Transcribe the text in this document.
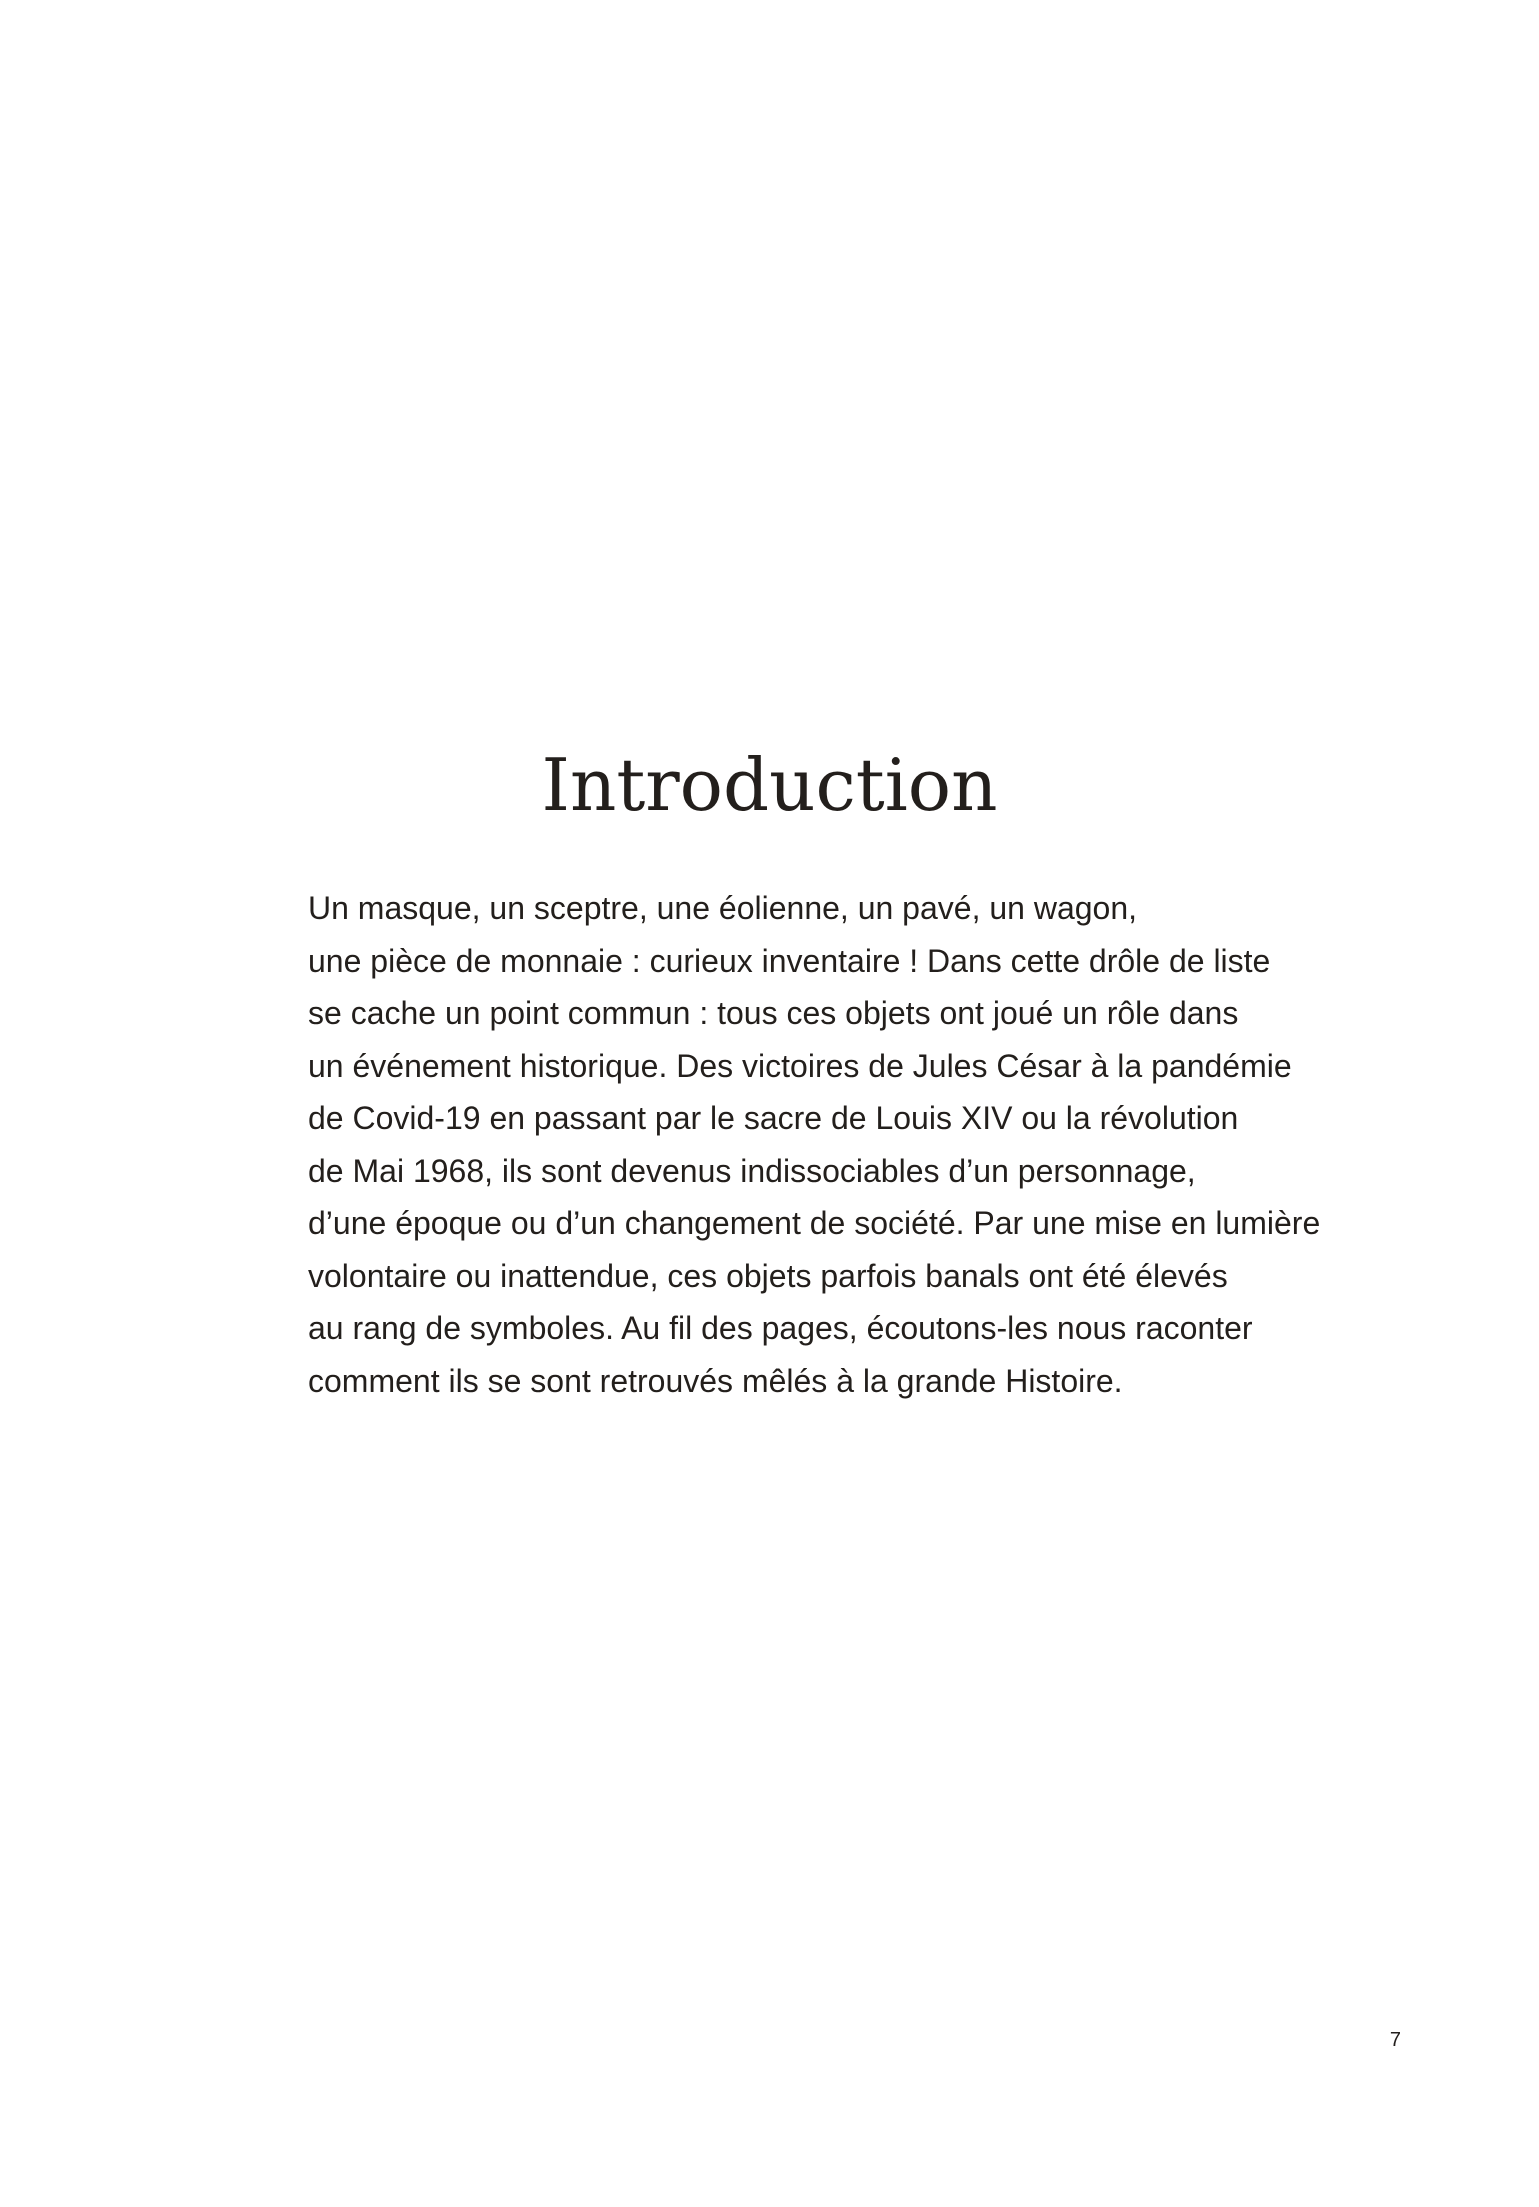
Introduction

Un masque, un sceptre, une éolienne, un pavé, un wagon,
une pièce de monnaie : curieux inventaire ! Dans cette drôle de liste
se cache un point commun : tous ces objets ont joué un rôle dans
un événement historique. Des victoires de Jules César à la pandémie
de Covid-19 en passant par le sacre de Louis XIV ou la révolution
de Mai 1968, ils sont devenus indissociables d’un personnage,
d’une époque ou d’un changement de société. Par une mise en lumière
volontaire ou inattendue, ces objets parfois banals ont été élevés
au rang de symboles. Au fil des pages, écoutons-les nous raconter
comment ils se sont retrouvés mêlés à la grande Histoire.

7
